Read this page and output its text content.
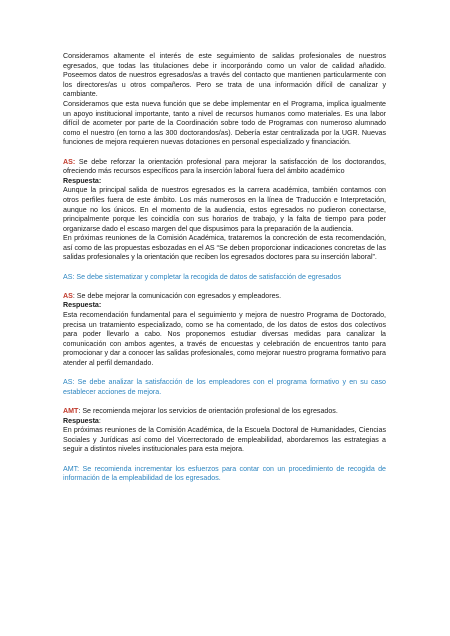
Consideramos altamente el interés de este seguimiento de salidas profesionales de nuestros egresados, que todas las titulaciones debe ir incorporándo como un valor de calidad añadido. Poseemos datos de nuestros egresados/as a través del contacto que mantienen particularmente con los directores/as u otros compañeros. Pero se trata de una información difícil de canalizar y cambiante.

Consideramos que esta nueva función que se debe implementar en el Programa, implica igualmente un apoyo institucional importante, tanto a nivel de recursos humanos como materiales. Es una labor difícil de acometer por parte de la Coordinación sobre todo de Programas con numeroso alumnado como el nuestro (en torno a las 300 doctorandos/as). Debería estar centralizada por la UGR. Nuevas funciones de mejora requieren nuevas dotaciones en personal especializado y financiación.

AS: Se debe reforzar la orientación profesional para mejorar la satisfacción de los doctorandos, ofreciendo más recursos específicos para la inserción laboral fuera del ámbito académico

Respuesta:

Aunque la principal salida de nuestros egresados es la carrera académica, también contamos con otros perfiles fuera de este ámbito. Los más numerosos en la línea de Traducción e Interpretación, aunque no los únicos. En el momento de la audiencia, estos egresados no pudieron conectarse, principalmente porque les coincidía con sus horarios de trabajo, y la falta de tiempo para poder organizarse dado el escaso margen del que dispusimos para la preparación de la audiencia.

En próximas reuniones de la Comisión Académica, trataremos la concreción de esta recomendación, así como de las propuestas esbozadas en el AS “Se deben proporcionar indicaciones concretas de las salidas profesionales y la orientación que reciben los egresados doctores para su inserción laboral”.

AS: Se debe sistematizar y completar la recogida de datos de satisfacción de egresados

AS: Se debe mejorar la comunicación con egresados y empleadores.

Respuesta:

Esta recomendación fundamental para el seguimiento y mejora de nuestro Programa de Doctorado, precisa un tratamiento especializado, como se ha comentado, de los datos de estos dos colectivos para poder llevarlo a cabo. Nos proponemos estudiar diversas medidas para canalizar la comunicación con ambos agentes, a través de encuestas y celebración de encuentros tanto para promocionar y dar a conocer las salidas profesionales, como mejorar nuestro programa formativo para atender al perfil demandado.

AS: Se debe analizar la satisfacción de los empleadores con el programa formativo y en su caso establecer acciones de mejora.

AMT: Se recomienda mejorar los servicios de orientación profesional de los egresados.

Respuesta:

En próximas reuniones de la Comisión Académica, de la Escuela Doctoral de Humanidades, Ciencias Sociales y Jurídicas así como del Vicerrectorado de empleabilidad, abordaremos las estrategias a seguir a distintos niveles institucionales para esta mejora.

AMT: Se recomienda incrementar los esfuerzos para contar con un procedimiento de recogida de información de la empleabilidad de los egresados.
